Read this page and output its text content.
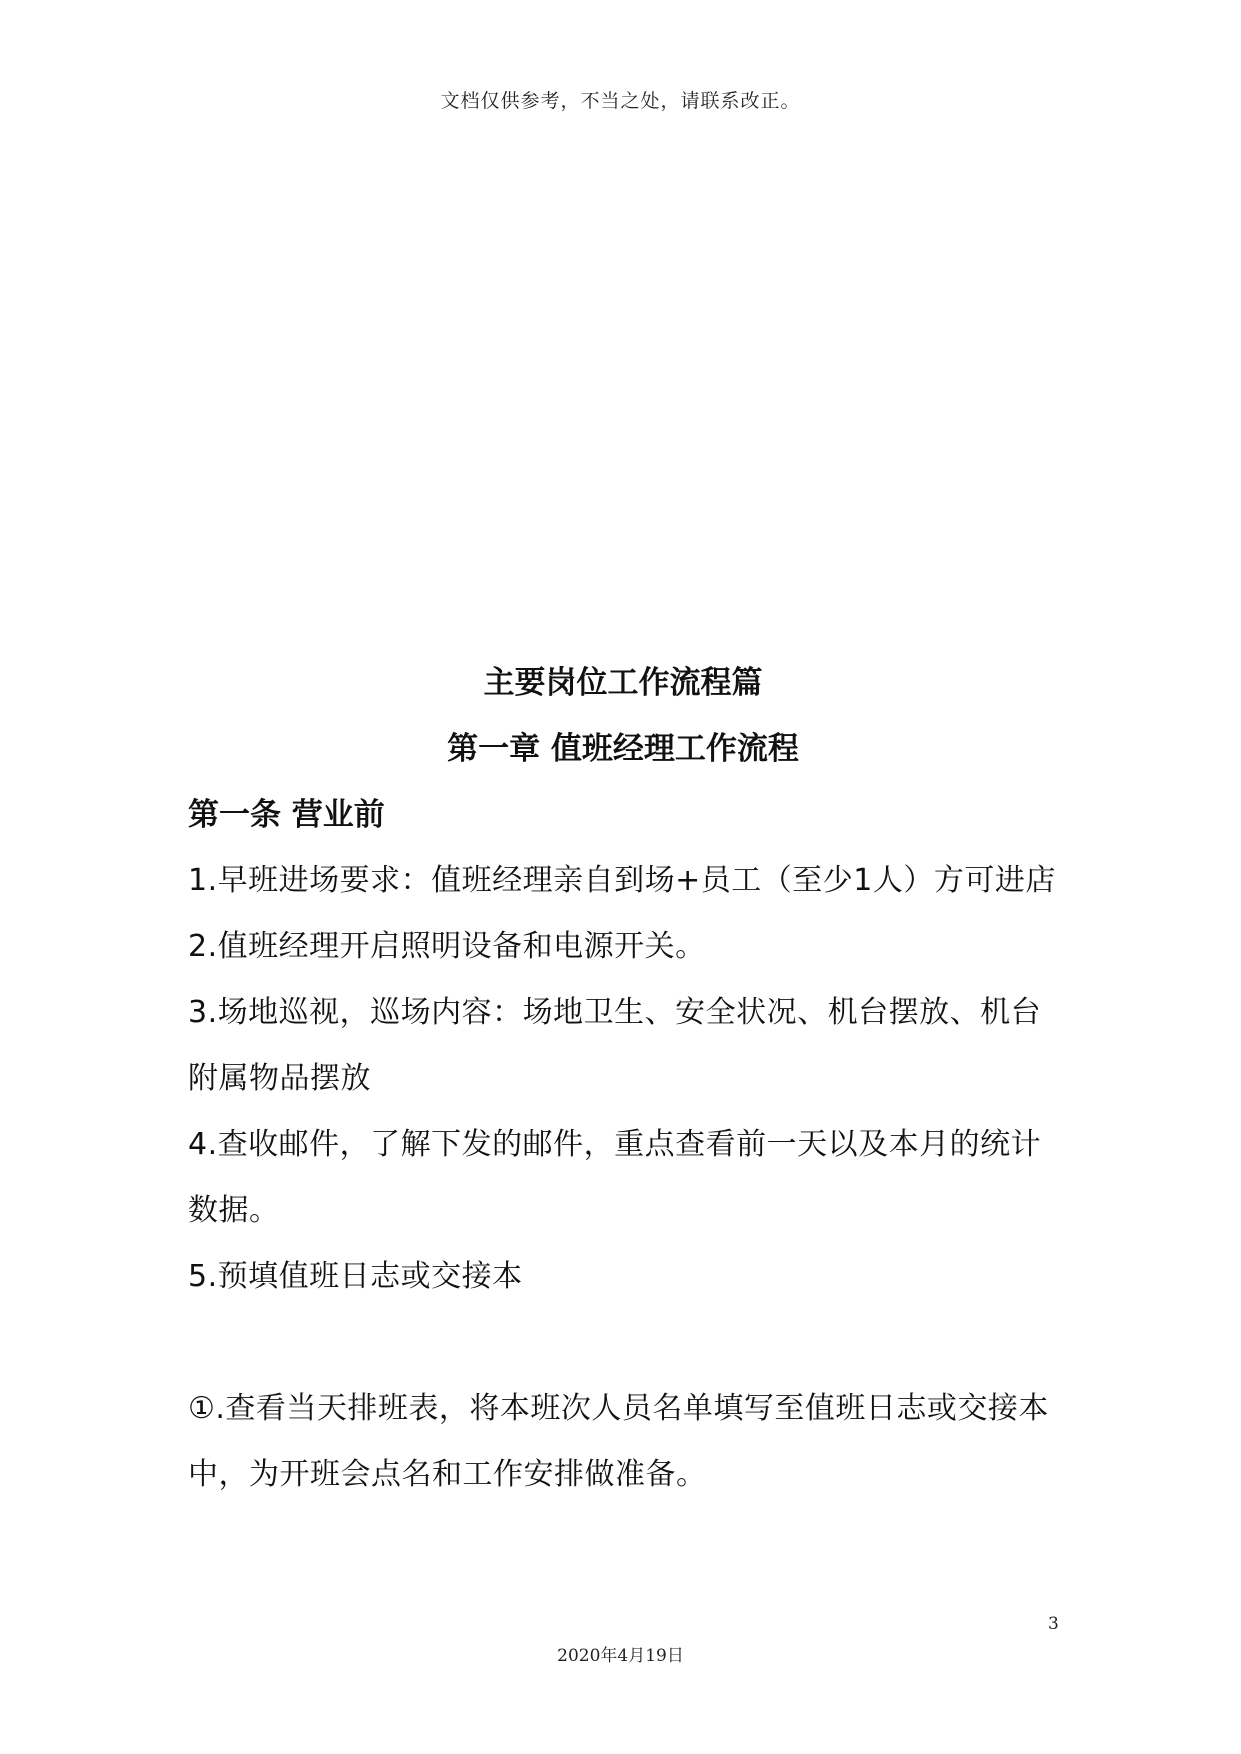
文档仅供参考，不当之处，请联系改正。
主要岗位工作流程篇
第一章 值班经理工作流程
第一条 营业前

1.早班进场要求：值班经理亲自到场+员工（至少1人）方可进店

2.值班经理开启照明设备和电源开关。

3.场地巡视，巡场内容：场地卫生、安全状况、机台摆放、机台附属物品摆放

4.查收邮件，了解下发的邮件，重点查看前一天以及本月的统计数据。

5.预填值班日志或交接本

①.查看当天排班表，将本班次人员名单填写至值班日志或交接本中，为开班会点名和工作安排做准备。

3
2020年4月19日
